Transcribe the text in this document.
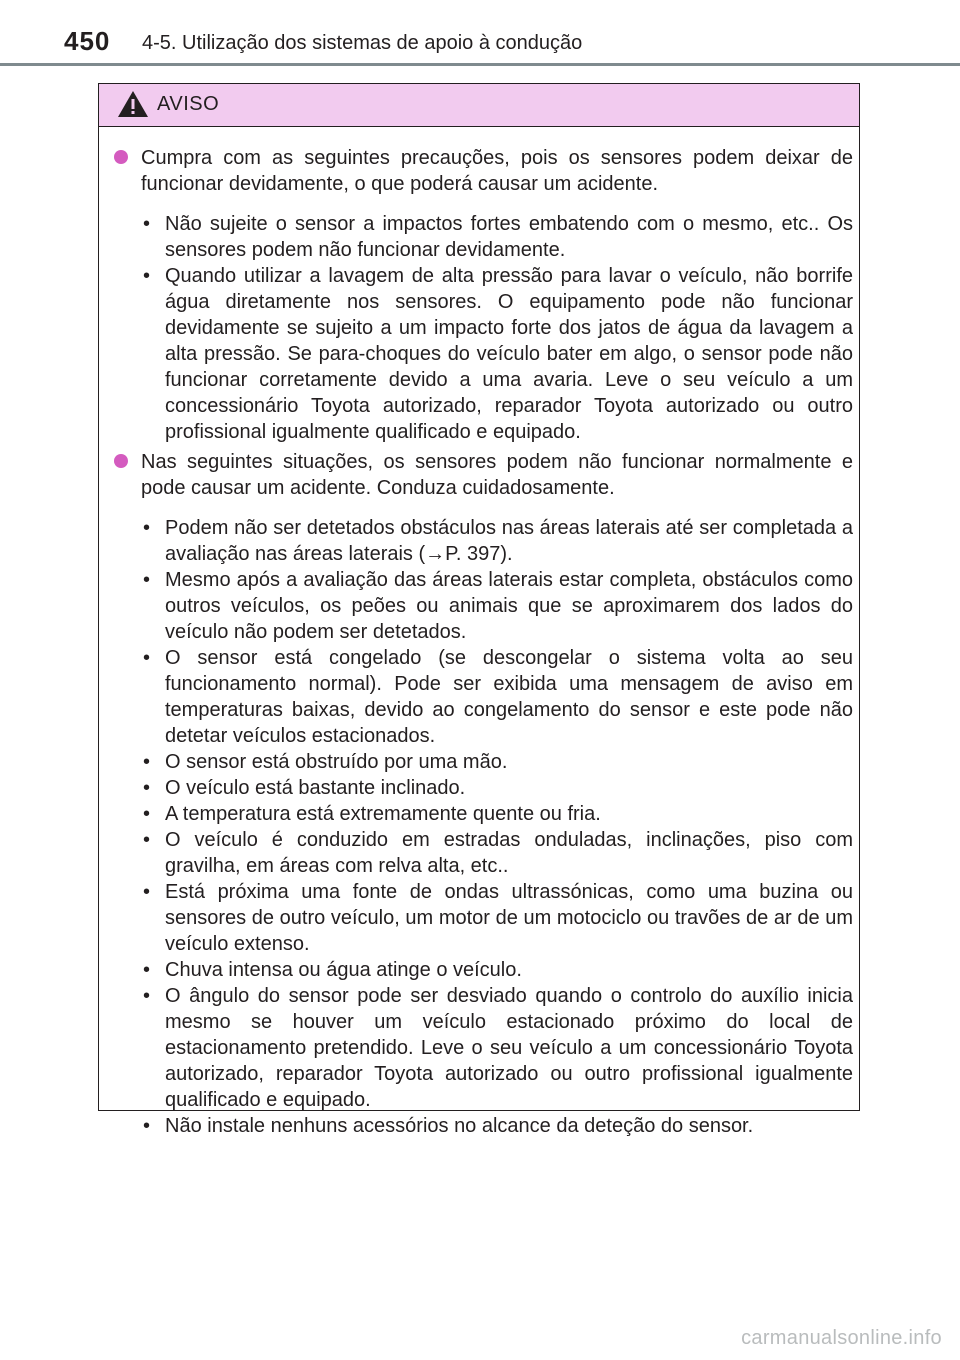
450 4-5. Utilização dos sistemas de apoio à condução
AVISO

Cumpra com as seguintes precauções, pois os sensores podem deixar de funcionar devidamente, o que poderá causar um acidente.

• Não sujeite o sensor a impactos fortes embatendo com o mesmo, etc.. Os sensores podem não funcionar devidamente.
• Quando utilizar a lavagem de alta pressão para lavar o veículo, não borrife água diretamente nos sensores. O equipamento pode não funcionar devidamente se sujeito a um impacto forte dos jatos de água da lavagem a alta pressão. Se para-choques do veículo bater em algo, o sensor pode não funcionar corretamente devido a uma avaria. Leve o seu veículo a um concessionário Toyota autorizado, reparador Toyota autorizado ou outro profissional igualmente qualificado e equipado.

Nas seguintes situações, os sensores podem não funcionar normalmente e pode causar um acidente. Conduza cuidadosamente.

• Podem não ser detetados obstáculos nas áreas laterais até ser completada a avaliação nas áreas laterais (→P. 397).
• Mesmo após a avaliação das áreas laterais estar completa, obstáculos como outros veículos, os peões ou animais que se aproximarem dos lados do veículo não podem ser detetados.
• O sensor está congelado (se descongelar o sistema volta ao seu funcionamento normal). Pode ser exibida uma mensagem de aviso em temperaturas baixas, devido ao congelamento do sensor e este pode não detetar veículos estacionados.
• O sensor está obstruído por uma mão.
• O veículo está bastante inclinado.
• A temperatura está extremamente quente ou fria.
• O veículo é conduzido em estradas onduladas, inclinações, piso com gravilha, em áreas com relva alta, etc..
• Está próxima uma fonte de ondas ultrassónicas, como uma buzina ou sensores de outro veículo, um motor de um motociclo ou travões de ar de um veículo extenso.
• Chuva intensa ou água atinge o veículo.
• O ângulo do sensor pode ser desviado quando o controlo do auxílio inicia mesmo se houver um veículo estacionado próximo do local de estacionamento pretendido. Leve o seu veículo a um concessionário Toyota autorizado, reparador Toyota autorizado ou outro profissional igualmente qualificado e equipado.
• Não instale nenhuns acessórios no alcance da deteção do sensor.
carmanualsonline.info
